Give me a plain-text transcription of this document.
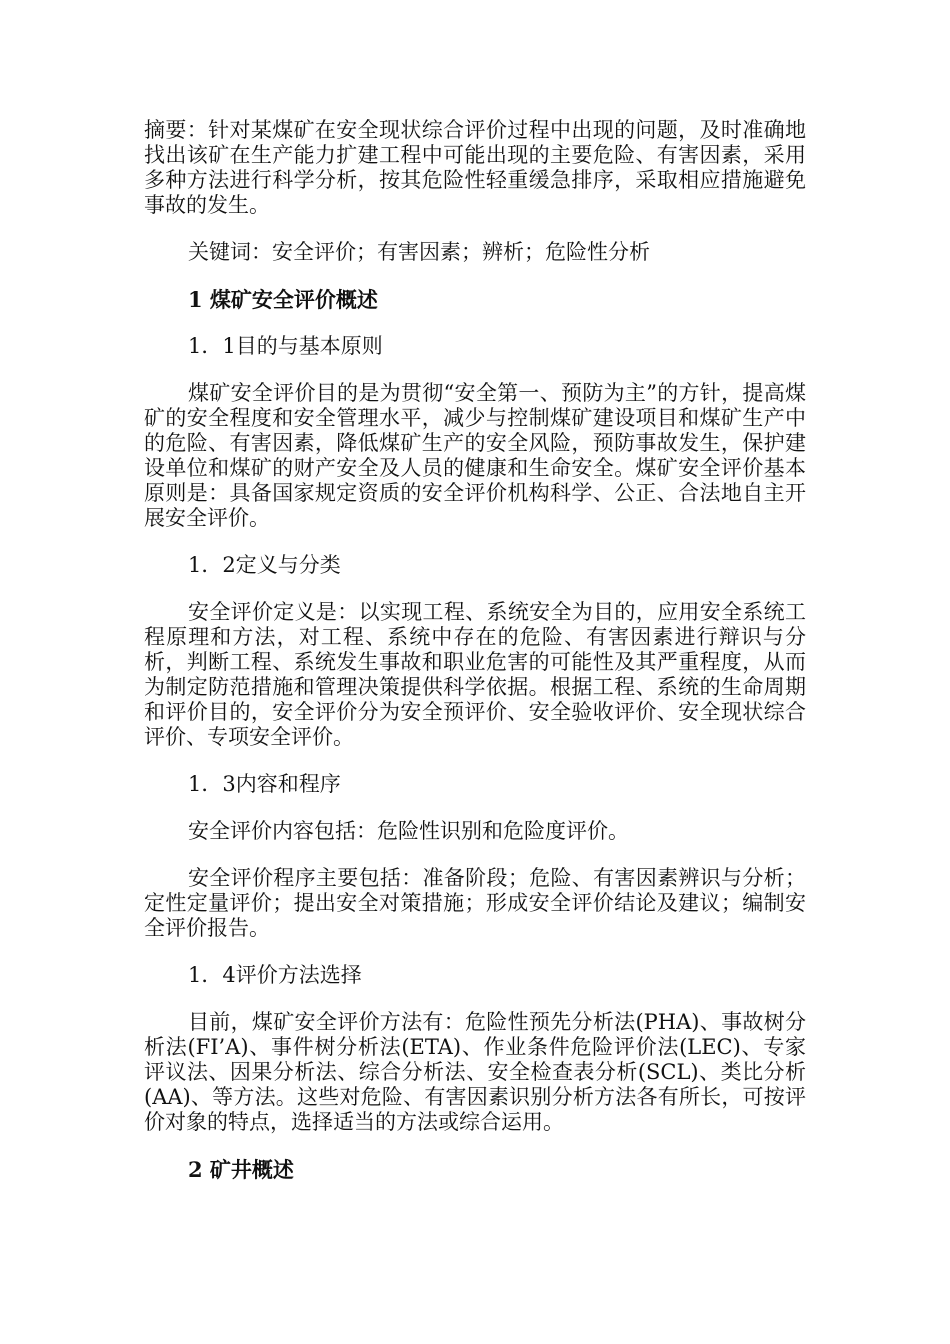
摘要：针对某煤矿在安全现状综合评价过程中出现的问题，及时准确地找出该矿在生产能力扩建工程中可能出现的主要危险、有害因素，采用多种方法进行科学分析，按其危险性轻重缓急排序，采取相应措施避免事故的发生。

关键词：安全评价；有害因素；辨析；危险性分析

1 煤矿安全评价概述

1．1目的与基本原则

煤矿安全评价目的是为贯彻“安全第一、预防为主”的方针，提高煤矿的安全程度和安全管理水平，减少与控制煤矿建设项目和煤矿生产中的危险、有害因素，降低煤矿生产的安全风险，预防事故发生，保护建设单位和煤矿的财产安全及人员的健康和生命安全。煤矿安全评价基本原则是：具备国家规定资质的安全评价机构科学、公正、合法地自主开展安全评价。

1．2定义与分类

安全评价定义是：以实现工程、系统安全为目的，应用安全系统工程原理和方法，对工程、系统中存在的危险、有害因素进行辩识与分析，判断工程、系统发生事故和职业危害的可能性及其严重程度，从而为制定防范措施和管理决策提供科学依据。根据工程、系统的生命周期和评价目的，安全评价分为安全预评价、安全验收评价、安全现状综合评价、专项安全评价。

1．3内容和程序

安全评价内容包括：危险性识别和危险度评价。

安全评价程序主要包括：准备阶段；危险、有害因素辨识与分析；定性定量评价；提出安全对策措施；形成安全评价结论及建议；编制安全评价报告。

1．4评价方法选择

目前，煤矿安全评价方法有：危险性预先分析法(PHA)、事故树分析法(FI’A)、事件树分析法(ETA)、作业条件危险评价法(LEC)、专家评议法、因果分析法、综合分析法、安全检查表分析(SCL)、类比分析(AA)、等方法。这些对危险、有害因素识别分析方法各有所长，可按评价对象的特点，选择适当的方法或综合运用。

2 矿井概述
